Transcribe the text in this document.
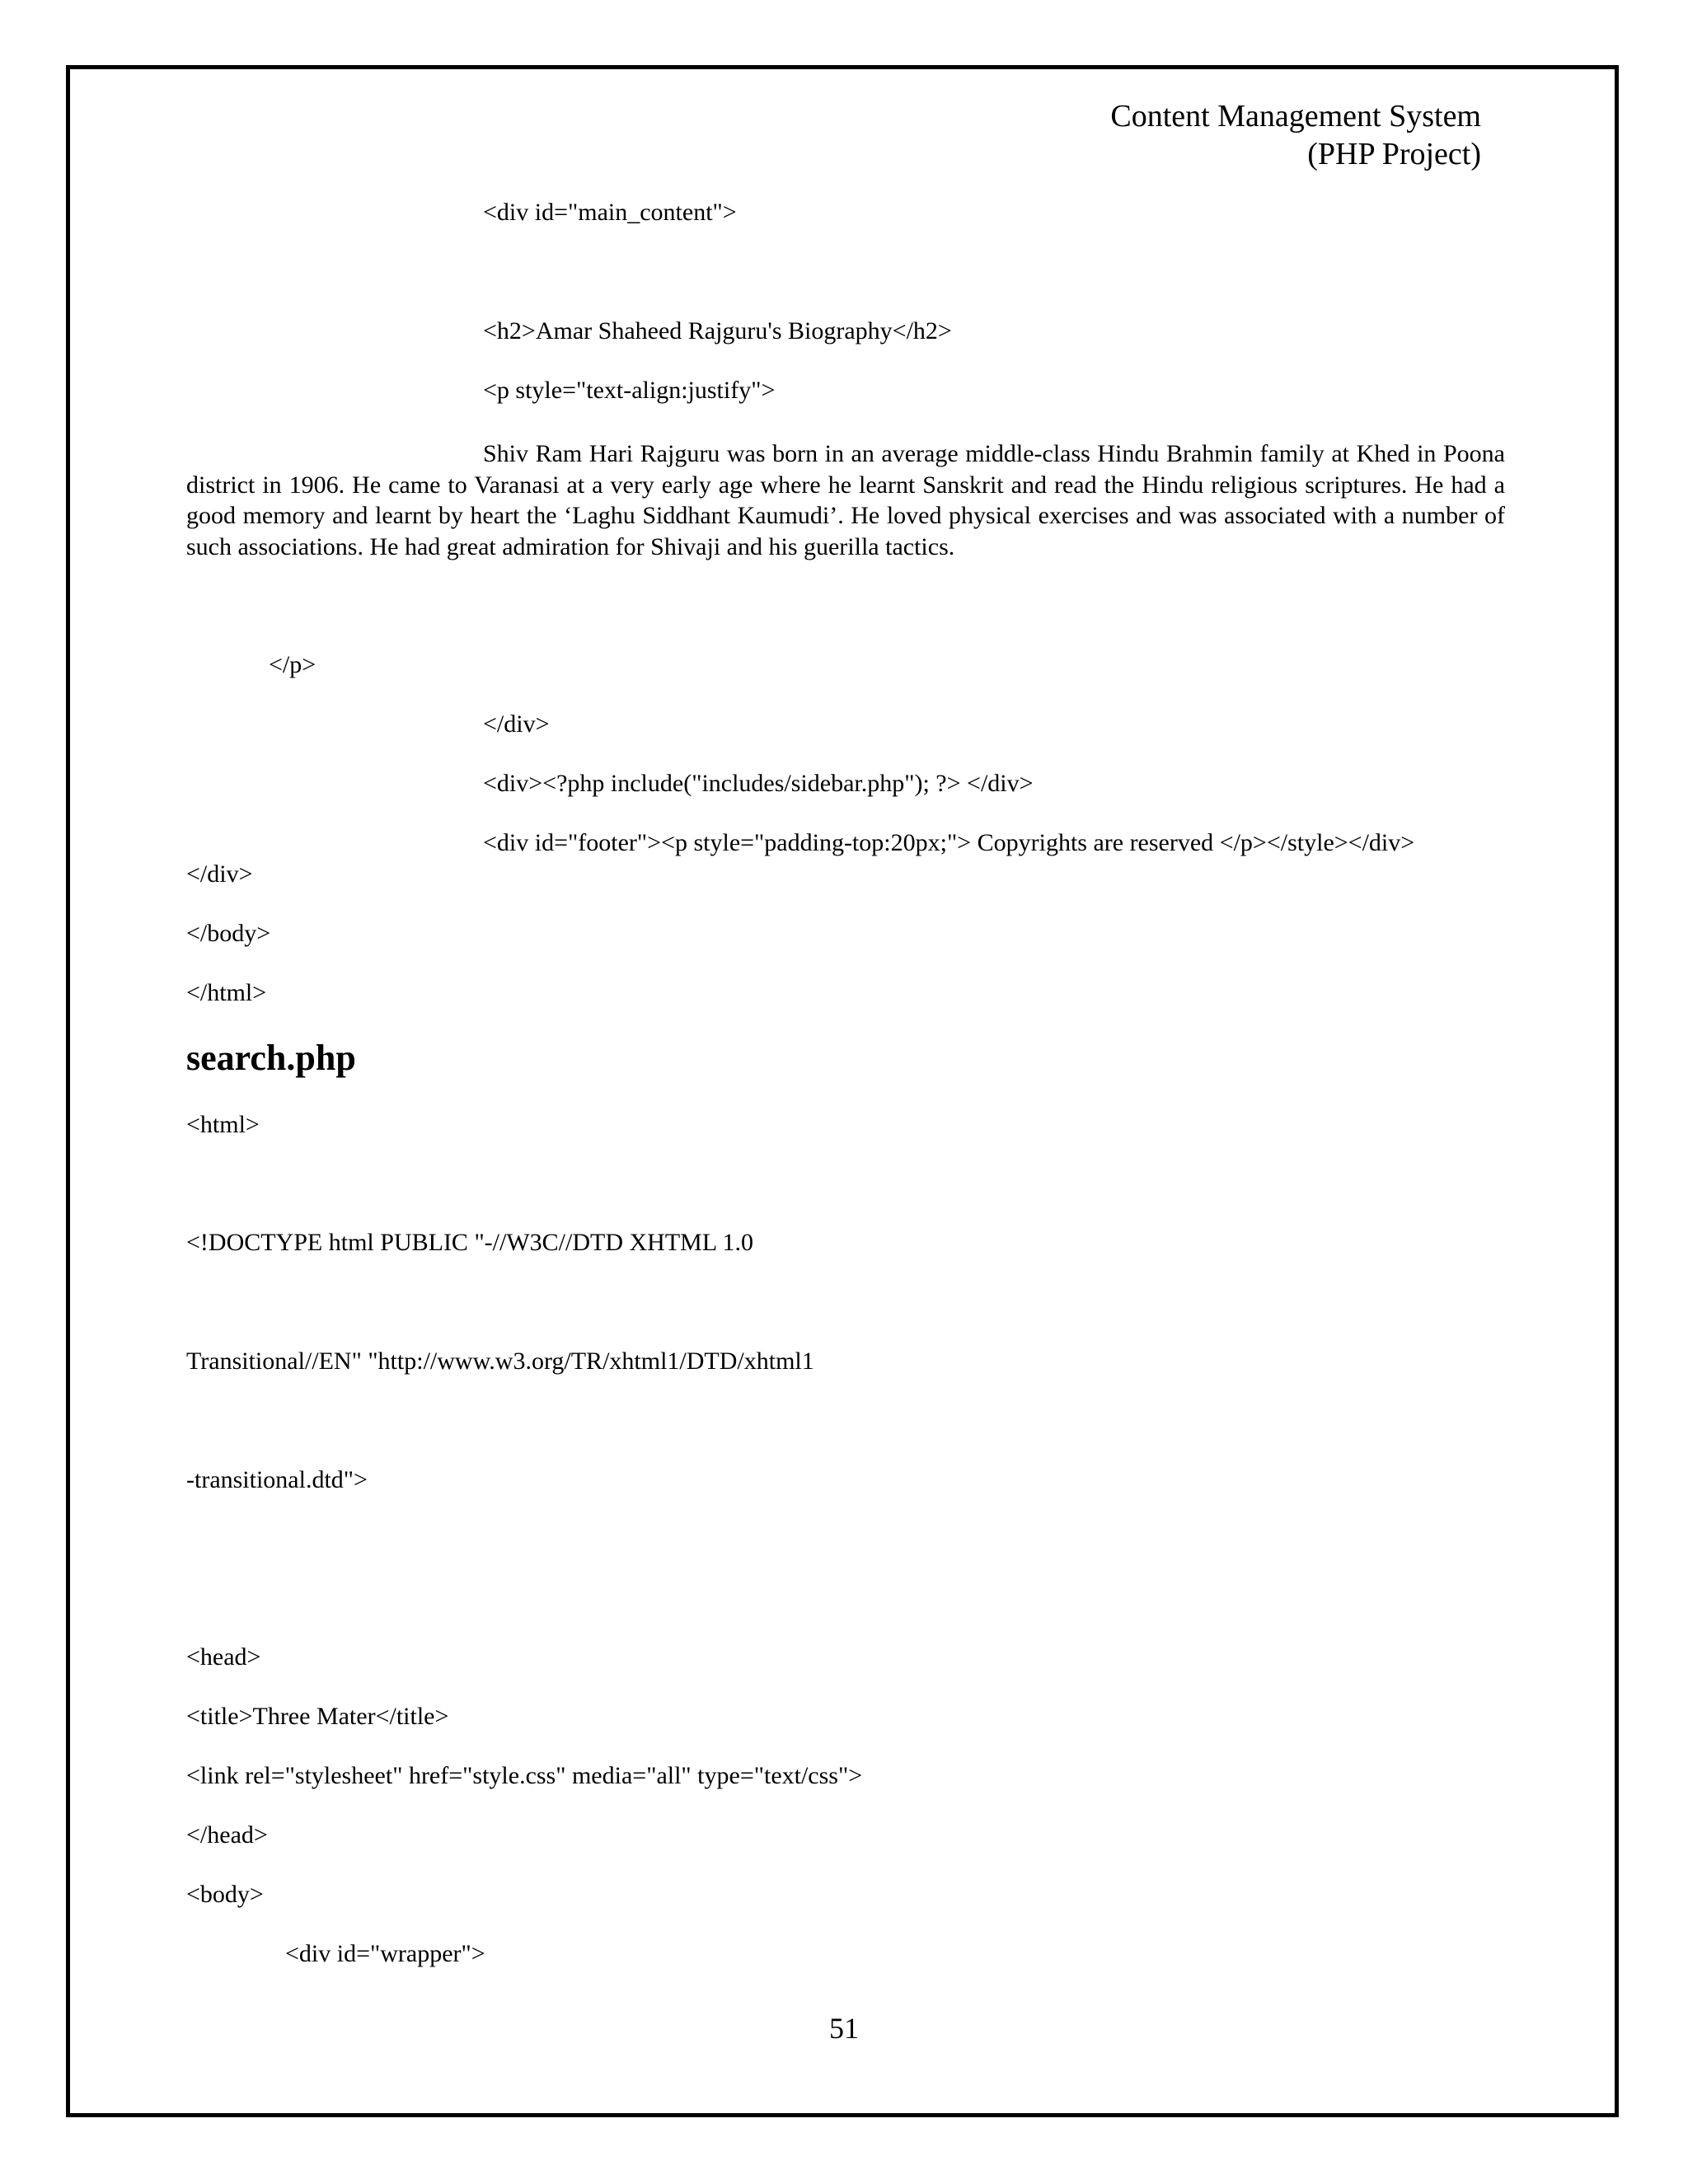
Content Management System
(PHP Project)
<div id="main_content">
<h2>Amar Shaheed Rajguru's Biography</h2>
<p style="text-align:justify">
Shiv Ram Hari Rajguru was born in an average middle-class Hindu Brahmin family at Khed in Poona district in 1906. He came to Varanasi at a very early age where he learnt Sanskrit and read the Hindu religious scriptures. He had a good memory and learnt by heart the ‘Laghu Siddhant Kaumudi’. He loved physical exercises and was associated with a number of such associations. He had great admiration for Shivaji and his guerilla tactics.
</p>
</div>
<div><?php include("includes/sidebar.php"); ?> </div>
<div id="footer"><p style="padding-top:20px;"> Copyrights are reserved </p></style></div>
</div>
</body>
</html>
search.php
<html>
<!DOCTYPE html PUBLIC "-//W3C//DTD XHTML 1.0
Transitional//EN" "http://www.w3.org/TR/xhtml1/DTD/xhtml1
-transitional.dtd">
<head>
<title>Three Mater</title>
<link rel="stylesheet" href="style.css" media="all" type="text/css">
</head>
<body>
<div id="wrapper">
51
